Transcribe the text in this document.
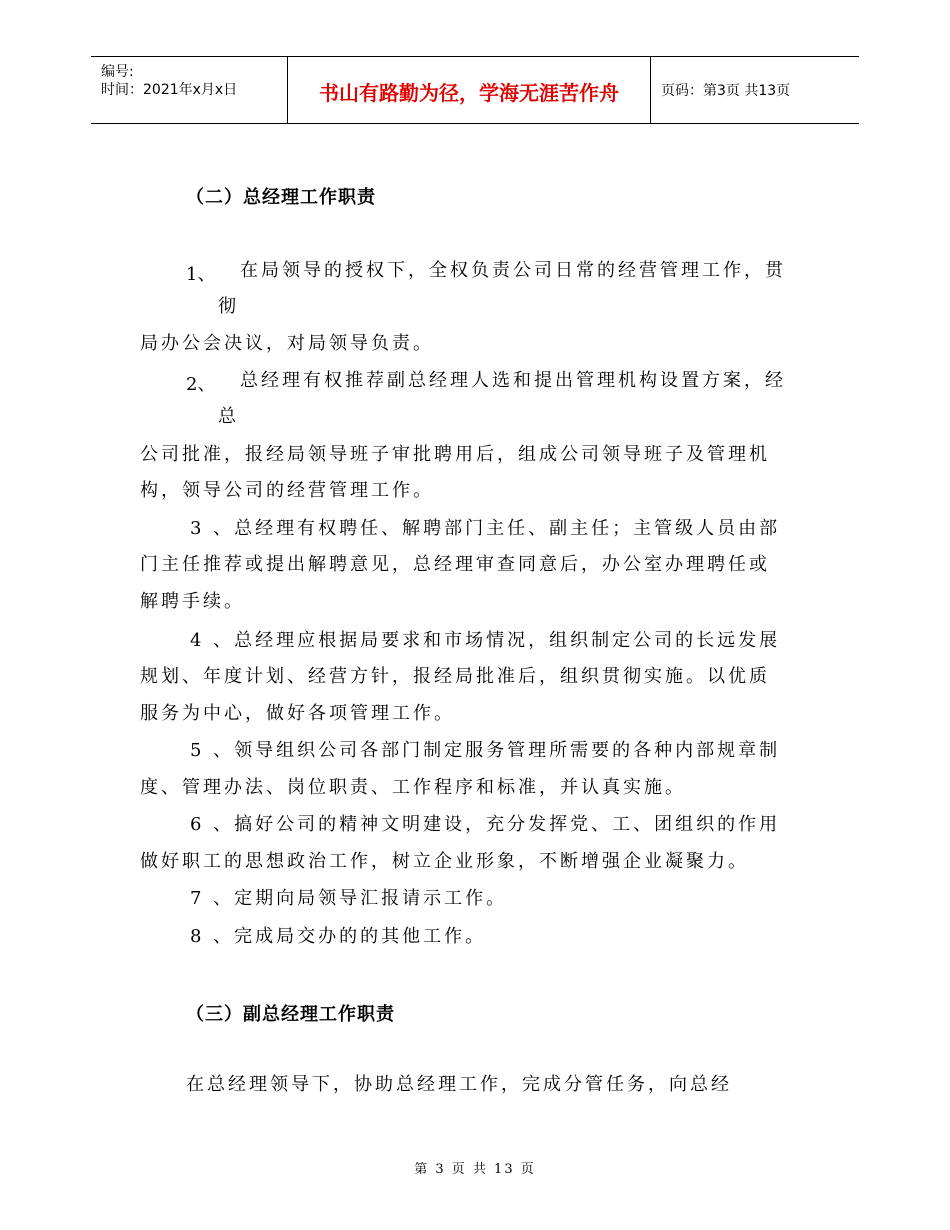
编号:
时间：2021年x月x日	书山有路勤为径，学海无涯苦作舟	页码：第3页 共13页
（二）总经理工作职责
1、 在局领导的授权下，全权负责公司日常的经营管理工作，贯
彻
局办公会决议，对局领导负责。
2、 总经理有权推荐副总经理人选和提出管理机构设置方案，经
总
公司批准，报经局领导班子审批聘用后，组成公司领导班子及管理机
构，领导公司的经营管理工作。
3 、总经理有权聘任、解聘部门主任、副主任；主管级人员由部
门主任推荐或提出解聘意见，总经理审查同意后，办公室办理聘任或
解聘手续。
4 、总经理应根据局要求和市场情况，组织制定公司的长远发展
规划、年度计划、经营方针，报经局批准后，组织贯彻实施。以优质
服务为中心，做好各项管理工作。
5 、领导组织公司各部门制定服务管理所需要的各种内部规章制
度、管理办法、岗位职责、工作程序和标准，并认真实施。
6 、搞好公司的精神文明建设，充分发挥党、工、团组织的作用
做好职工的思想政治工作，树立企业形象，不断增强企业凝聚力。
7 、定期向局领导汇报请示工作。
8 、完成局交办的的其他工作。
（三）副总经理工作职责
在总经理领导下，协助总经理工作，完成分管任务，向总经
第 3 页 共 13 页
